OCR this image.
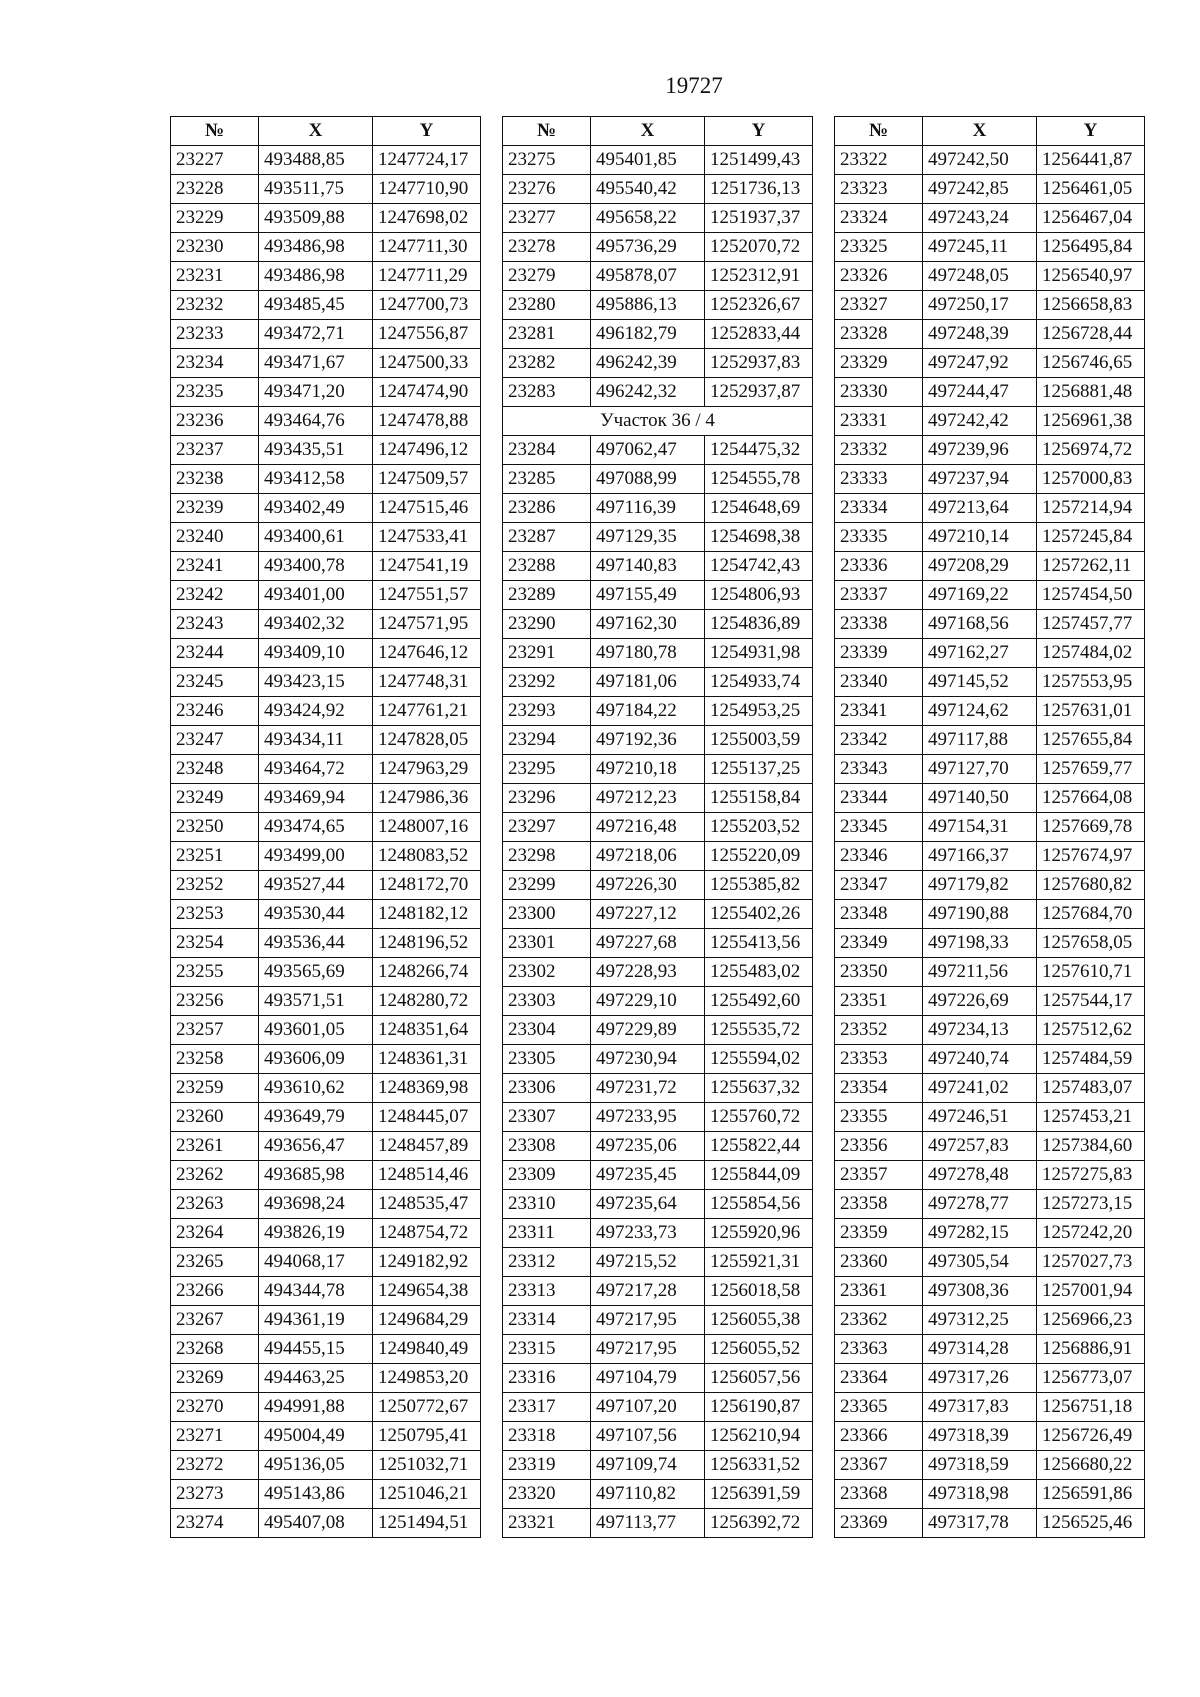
19727
№	X	Y
23227	493488,85	1247724,17
23228	493511,75	1247710,90
23229	493509,88	1247698,02
23230	493486,98	1247711,30
23231	493486,98	1247711,29
23232	493485,45	1247700,73
23233	493472,71	1247556,87
23234	493471,67	1247500,33
23235	493471,20	1247474,90
23236	493464,76	1247478,88
23237	493435,51	1247496,12
23238	493412,58	1247509,57
23239	493402,49	1247515,46
23240	493400,61	1247533,41
23241	493400,78	1247541,19
23242	493401,00	1247551,57
23243	493402,32	1247571,95
23244	493409,10	1247646,12
23245	493423,15	1247748,31
23246	493424,92	1247761,21
23247	493434,11	1247828,05
23248	493464,72	1247963,29
23249	493469,94	1247986,36
23250	493474,65	1248007,16
23251	493499,00	1248083,52
23252	493527,44	1248172,70
23253	493530,44	1248182,12
23254	493536,44	1248196,52
23255	493565,69	1248266,74
23256	493571,51	1248280,72
23257	493601,05	1248351,64
23258	493606,09	1248361,31
23259	493610,62	1248369,98
23260	493649,79	1248445,07
23261	493656,47	1248457,89
23262	493685,98	1248514,46
23263	493698,24	1248535,47
23264	493826,19	1248754,72
23265	494068,17	1249182,92
23266	494344,78	1249654,38
23267	494361,19	1249684,29
23268	494455,15	1249840,49
23269	494463,25	1249853,20
23270	494991,88	1250772,67
23271	495004,49	1250795,41
23272	495136,05	1251032,71
23273	495143,86	1251046,21
23274	495407,08	1251494,51
№	X	Y
23275	495401,85	1251499,43
23276	495540,42	1251736,13
23277	495658,22	1251937,37
23278	495736,29	1252070,72
23279	495878,07	1252312,91
23280	495886,13	1252326,67
23281	496182,79	1252833,44
23282	496242,39	1252937,83
23283	496242,32	1252937,87
Участок 36 / 4		
23284	497062,47	1254475,32
23285	497088,99	1254555,78
23286	497116,39	1254648,69
23287	497129,35	1254698,38
23288	497140,83	1254742,43
23289	497155,49	1254806,93
23290	497162,30	1254836,89
23291	497180,78	1254931,98
23292	497181,06	1254933,74
23293	497184,22	1254953,25
23294	497192,36	1255003,59
23295	497210,18	1255137,25
23296	497212,23	1255158,84
23297	497216,48	1255203,52
23298	497218,06	1255220,09
23299	497226,30	1255385,82
23300	497227,12	1255402,26
23301	497227,68	1255413,56
23302	497228,93	1255483,02
23303	497229,10	1255492,60
23304	497229,89	1255535,72
23305	497230,94	1255594,02
23306	497231,72	1255637,32
23307	497233,95	1255760,72
23308	497235,06	1255822,44
23309	497235,45	1255844,09
23310	497235,64	1255854,56
23311	497233,73	1255920,96
23312	497215,52	1255921,31
23313	497217,28	1256018,58
23314	497217,95	1256055,38
23315	497217,95	1256055,52
23316	497104,79	1256057,56
23317	497107,20	1256190,87
23318	497107,56	1256210,94
23319	497109,74	1256331,52
23320	497110,82	1256391,59
23321	497113,77	1256392,72
№	X	Y
23322	497242,50	1256441,87
23323	497242,85	1256461,05
23324	497243,24	1256467,04
23325	497245,11	1256495,84
23326	497248,05	1256540,97
23327	497250,17	1256658,83
23328	497248,39	1256728,44
23329	497247,92	1256746,65
23330	497244,47	1256881,48
23331	497242,42	1256961,38
23332	497239,96	1256974,72
23333	497237,94	1257000,83
23334	497213,64	1257214,94
23335	497210,14	1257245,84
23336	497208,29	1257262,11
23337	497169,22	1257454,50
23338	497168,56	1257457,77
23339	497162,27	1257484,02
23340	497145,52	1257553,95
23341	497124,62	1257631,01
23342	497117,88	1257655,84
23343	497127,70	1257659,77
23344	497140,50	1257664,08
23345	497154,31	1257669,78
23346	497166,37	1257674,97
23347	497179,82	1257680,82
23348	497190,88	1257684,70
23349	497198,33	1257658,05
23350	497211,56	1257610,71
23351	497226,69	1257544,17
23352	497234,13	1257512,62
23353	497240,74	1257484,59
23354	497241,02	1257483,07
23355	497246,51	1257453,21
23356	497257,83	1257384,60
23357	497278,48	1257275,83
23358	497278,77	1257273,15
23359	497282,15	1257242,20
23360	497305,54	1257027,73
23361	497308,36	1257001,94
23362	497312,25	1256966,23
23363	497314,28	1256886,91
23364	497317,26	1256773,07
23365	497317,83	1256751,18
23366	497318,39	1256726,49
23367	497318,59	1256680,22
23368	497318,98	1256591,86
23369	497317,78	1256525,46
